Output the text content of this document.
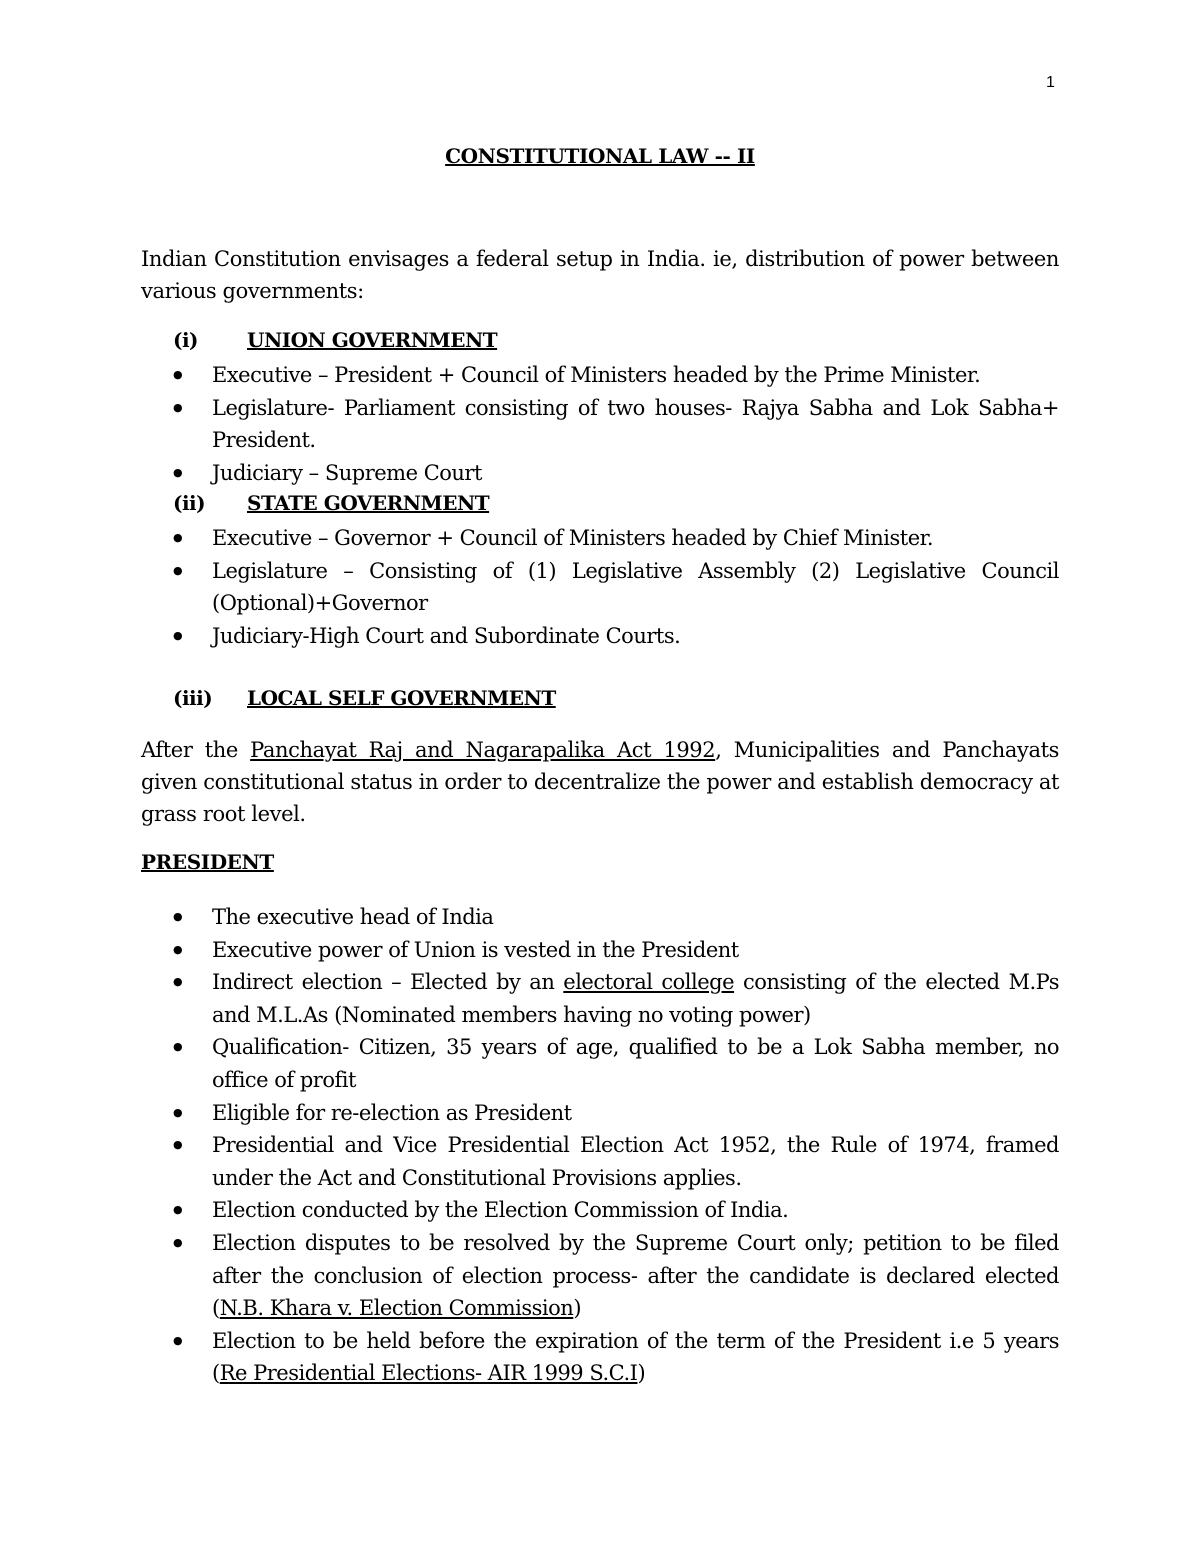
1
CONSTITUTIONAL LAW -- II
Indian Constitution envisages a federal setup in India. ie, distribution of power between various governments:
(i) UNION GOVERNMENT
● Executive – President + Council of Ministers headed by the Prime Minister.
● Legislature- Parliament consisting of two houses- Rajya Sabha and Lok Sabha+ President.
● Judiciary – Supreme Court
(ii) STATE GOVERNMENT
● Executive – Governor + Council of Ministers headed by Chief Minister.
● Legislature – Consisting of (1) Legislative Assembly (2) Legislative Council (Optional)+Governor
● Judiciary-High Court and Subordinate Courts.
(iii) LOCAL SELF GOVERNMENT
After the Panchayat Raj and Nagarapalika Act 1992, Municipalities and Panchayats given constitutional status in order to decentralize the power and establish democracy at grass root level.
PRESIDENT
● The executive head of India
● Executive power of Union is vested in the President
● Indirect election – Elected by an electoral college consisting of the elected M.Ps and M.L.As (Nominated members having no voting power)
● Qualification- Citizen, 35 years of age, qualified to be a Lok Sabha member, no office of profit
● Eligible for re-election as President
● Presidential and Vice Presidential Election Act 1952, the Rule of 1974, framed under the Act and Constitutional Provisions applies.
● Election conducted by the Election Commission of India.
● Election disputes to be resolved by the Supreme Court only; petition to be filed after the conclusion of election process- after the candidate is declared elected (N.B. Khara v. Election Commission)
● Election to be held before the expiration of the term of the President i.e 5 years (Re Presidential Elections- AIR 1999 S.C.I)
